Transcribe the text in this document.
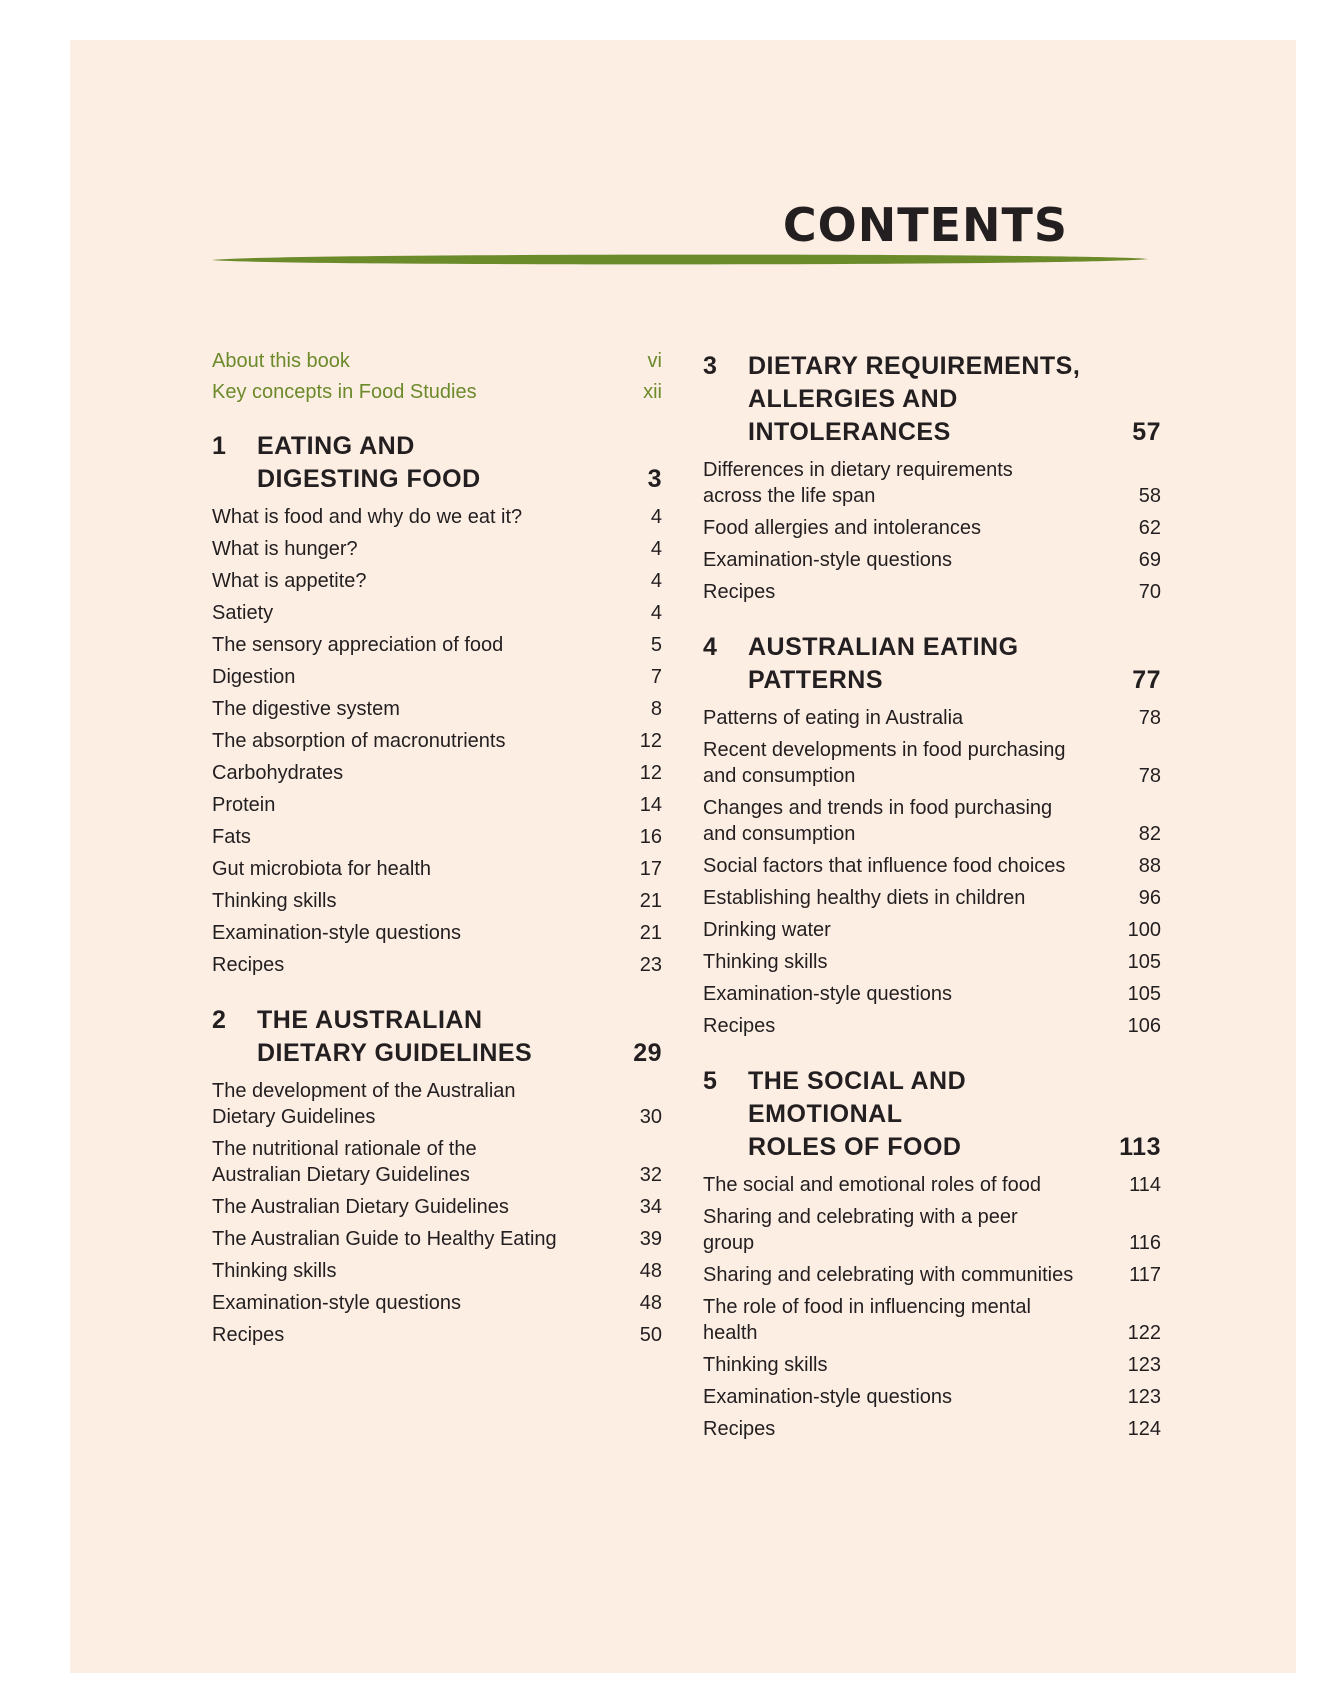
CONTENTS
About this book	vi
Key concepts in Food Studies	xii
1	EATING AND
DIGESTING FOOD	3
What is food and why do we eat it?	4
What is hunger?	4
What is appetite?	4
Satiety	4
The sensory appreciation of food	5
Digestion	7
The digestive system	8
The absorption of macronutrients	12
Carbohydrates	12
Protein	14
Fats	16
Gut microbiota for health	17
Thinking skills	21
Examination-style questions	21
Recipes	23
2	THE AUSTRALIAN
DIETARY GUIDELINES	29
The development of the Australian
Dietary Guidelines	30
The nutritional rationale of the
Australian Dietary Guidelines	32
The Australian Dietary Guidelines	34
The Australian Guide to Healthy Eating	39
Thinking skills	48
Examination-style questions	48
Recipes	50
3	DIETARY REQUIREMENTS,
ALLERGIES AND INTOLERANCES	57
Differences in dietary requirements
across the life span	58
Food allergies and intolerances	62
Examination-style questions	69
Recipes	70
4	AUSTRALIAN EATING PATTERNS	77
Patterns of eating in Australia	78
Recent developments in food purchasing
and consumption	78
Changes and trends in food purchasing
and consumption	82
Social factors that influence food choices	88
Establishing healthy diets in children	96
Drinking water	100
Thinking skills	105
Examination-style questions	105
Recipes	106
5	THE SOCIAL AND EMOTIONAL
ROLES OF FOOD	113
The social and emotional roles of food	114
Sharing and celebrating with a peer
group	116
Sharing and celebrating with communities	117
The role of food in influencing mental
health	122
Thinking skills	123
Examination-style questions	123
Recipes	124
